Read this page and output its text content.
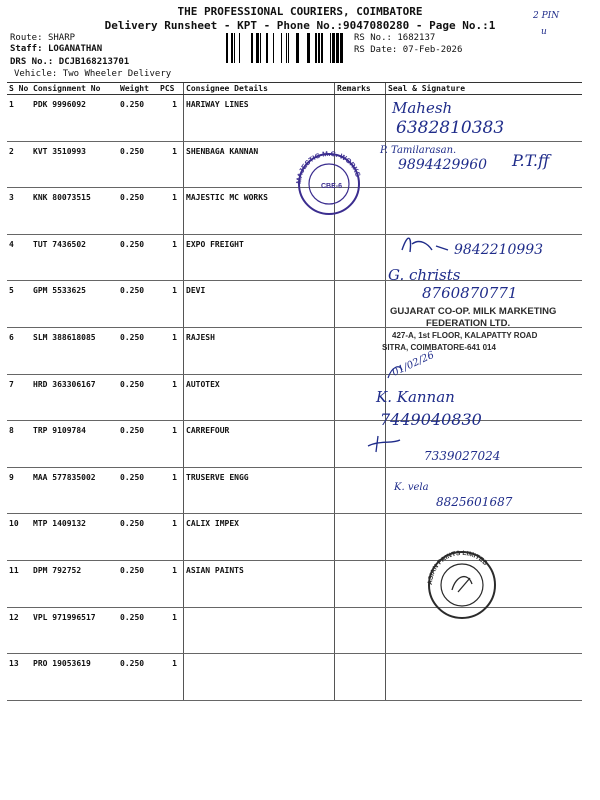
THE PROFESSIONAL COURIERS, COIMBATORE
Delivery Runsheet - KPT - Phone No.:9047080280 - Page No.:1
Route: SHARP
Staff: LOGANATHAN
DRS No.: DCJB168213701
Vehicle: Two Wheeler Delivery
RS No.: 1682137
RS Date: 07-Feb-2026
2 PIN
u
S No	Consignment No	Weight	PCS	Consignee Details	Remarks	Seal & Signature
1	PDK 9996092	0.250	1	HARIWAY LINES		
2	KVT 3510993	0.250	1	SHENBAGA KANNAN		
3	KNK 80073515	0.250	1	MAJESTIC MC WORKS		
4	TUT 7436502	0.250	1	EXPO FREIGHT		
5	GPM 5533625	0.250	1	DEVI		
6	SLM 388618085	0.250	1	RAJESH		
7	HRD 363306167	0.250	1	AUTOTEX		
8	TRP 9109784	0.250	1	CARREFOUR		
9	MAA 577835002	0.250	1	TRUSERVE ENGG		
10	MTP 1409132	0.250	1	CALIX IMPEX		
11	DPM 792752	0.250	1	ASIAN PAINTS		
12	VPL 971996517	0.250	1			
13	PRO 19053619	0.250	1			
Mahesh
6382810383
P. Tamilarasan.
9894429960 P.T.ff
9842210993
G. christs
8760870771
01/02/26
K. Kannan
7449040830
7339027024
K. vela
8825601687
MAJESTIC M.C. WORKS
CBE-6
GUJARAT CO-OP. MILK MARKETING
FEDERATION LTD.
427-A, 1st FLOOR, KALAPATTY ROAD
SITRA, COIMBATORE-641 014
ASIAN PAINTS LIMITED
